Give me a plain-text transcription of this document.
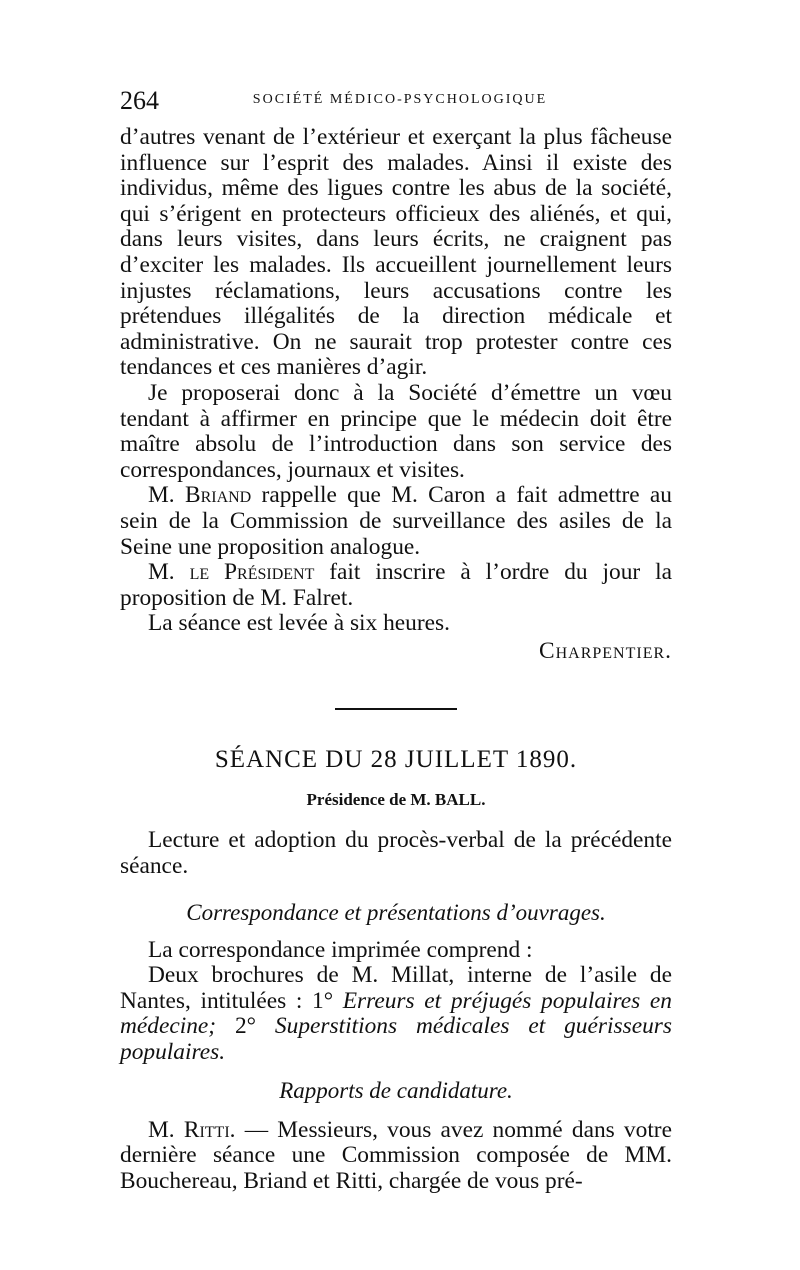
264	SOCIÉTÉ MÉDICO-PSYCHOLOGIQUE

d’autres venant de l’extérieur et exerçant la plus fâcheuse influence sur l’esprit des malades. Ainsi il existe des individus, même des ligues contre les abus de la société, qui s’érigent en protecteurs officieux des aliénés, et qui, dans leurs visites, dans leurs écrits, ne craignent pas d’exciter les malades. Ils accueillent journellement leurs injustes réclamations, leurs accusations contre les prétendues illégalités de la direction médicale et administrative. On ne saurait trop protester contre ces tendances et ces manières d’agir.

Je proposerai donc à la Société d’émettre un vœu tendant à affirmer en principe que le médecin doit être maître absolu de l’introduction dans son service des correspondances, journaux et visites.

M. Briand rappelle que M. Caron a fait admettre au sein de la Commission de surveillance des asiles de la Seine une proposition analogue.

M. le Président fait inscrire à l’ordre du jour la proposition de M. Falret.

La séance est levée à six heures.

Charpentier.

SÉANCE DU 28 JUILLET 1890.
Présidence de M. BALL.

Lecture et adoption du procès-verbal de la précédente séance.

Correspondance et présentations d’ouvrages.

La correspondance imprimée comprend :

Deux brochures de M. Millat, interne de l’asile de Nantes, intitulées : 1° Erreurs et préjugés populaires en médecine; 2° Superstitions médicales et guérisseurs populaires.

Rapports de candidature.

M. Ritti. — Messieurs, vous avez nommé dans votre dernière séance une Commission composée de MM. Bouchereau, Briand et Ritti, chargée de vous pré-
